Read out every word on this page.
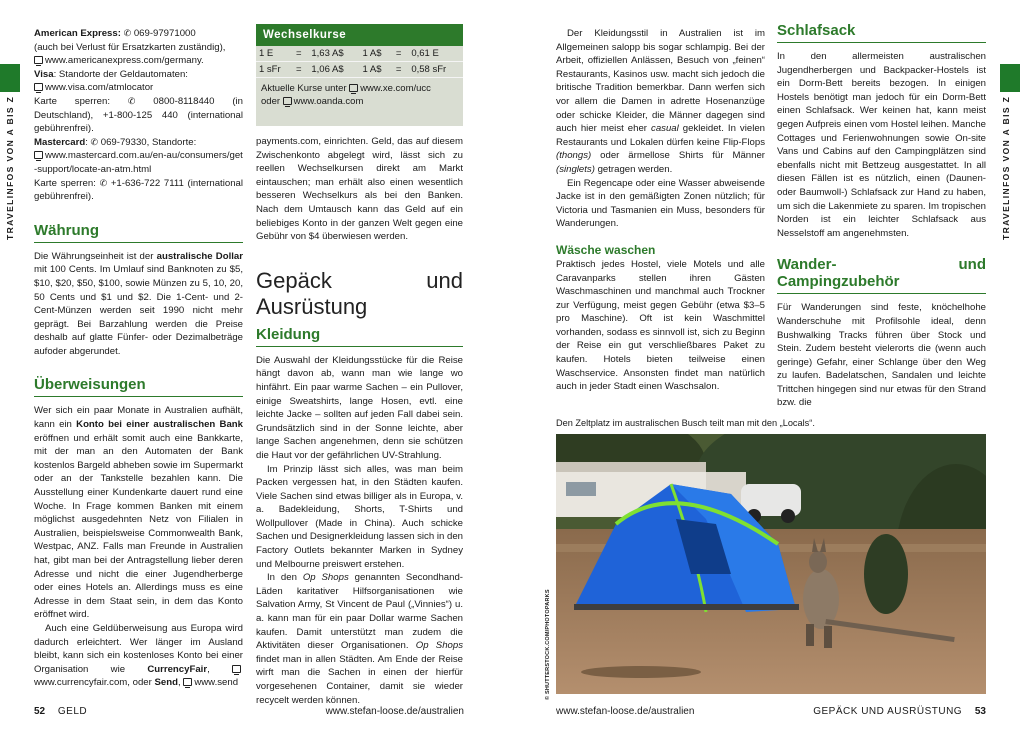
TRAVELINFOS VON A BIS Z	TRAVELINFOS VON A BIS Z

American Express: ✆ 069-97971000
(auch bei Verlust für Ersatzkarten zuständig),
www.americanexpress.com/germany.

Visa: Standorte der Geldautomaten:
www.visa.com/atmlocator
Karte sperren: ✆ 0800-8118440 (in Deutschland), +1-800-125 440 (international gebührenfrei).

Mastercard: ✆ 069-79330, Standorte:
www.mastercard.com.au/en-au/consumers/get-support/locate-an-atm.html
Karte sperren: ✆ +1-636-722 7111 (international gebührenfrei).

Währung

Die Währungseinheit ist der australische Dollar mit 100 Cents. Im Umlauf sind Banknoten zu $5, $10, $20, $50, $100, sowie Münzen zu 5, 10, 20, 50 Cents und $1 und $2. Die 1-Cent- und 2-Cent-Münzen werden seit 1990 nicht mehr geprägt. Bei Barzahlung werden die Preise deshalb auf glatte Fünfer- oder Dezimalbeträge aufoder abgerundet.

Überweisungen

Wer sich ein paar Monate in Australien aufhält, kann ein Konto bei einer australischen Bank eröffnen und erhält somit auch eine Bankkarte, mit der man an den Automaten der Bank kostenlos Bargeld abheben sowie im Supermarkt oder an der Tankstelle bezahlen kann. Die Ausstellung einer Kundenkarte dauert rund eine Woche. In Frage kommen Banken mit einem möglichst ausgedehnten Netz von Filialen in Australien, beispielsweise Commonwealth Bank, Westpac, ANZ. Falls man Freunde in Australien hat, gibt man bei der Antragstellung lieber deren Adresse und nicht die einer Jugendherberge oder eines Hotels an. Allerdings muss es eine Adresse in dem Staat sein, in dem das Konto eröffnet wird.

Auch eine Geldüberweisung aus Europa wird dadurch erleichtert. Wer länger im Ausland bleibt, kann sich ein kostenloses Konto bei einer Organisation wie CurrencyFair, www.currencyfair.com, oder Send, www.send

Wechselkurse
1 E	=	1,63 A$	1 A$	=	0,61 E
1 sFr	=	1,06 A$	1 A$	=	0,58 sFr
Aktuelle Kurse unter www.xe.com/ucc
oder www.oanda.com

payments.com, einrichten. Geld, das auf diesem Zwischenkonto abgelegt wird, lässt sich zu reellen Wechselkursen direkt am Markt eintauschen; man erhält also einen wesentlich besseren Wechselkurs als bei den Banken. Nach dem Umtausch kann das Geld auf ein beliebiges Konto in der ganzen Welt gegen eine Gebühr von $4 überwiesen werden.

Gepäck und Ausrüstung
Kleidung

Die Auswahl der Kleidungsstücke für die Reise hängt davon ab, wann man wie lange wo hinfährt. Ein paar warme Sachen – ein Pullover, einige Sweatshirts, lange Hosen, evtl. eine leichte Jacke – sollten auf jeden Fall dabei sein. Grundsätzlich sind in der Sonne leichte, aber lange Sachen angenehmen, denn sie schützen die Haut vor der gefährlichen UV-Strahlung.

Im Prinzip lässt sich alles, was man beim Packen vergessen hat, in den Städten kaufen. Viele Sachen sind etwas billiger als in Europa, v. a. Badekleidung, Shorts, T-Shirts und Wollpullover (Made in China). Auch schicke Sachen und Designerkleidung lassen sich in den Factory Outlets bekannter Marken in Sydney und Melbourne preiswert erstehen.

In den Op Shops genannten Secondhand-Läden karitativer Hilfsorganisationen wie Salvation Army, St Vincent de Paul („Vinnies“) u. a. kann man für ein paar Dollar warme Sachen kaufen. Damit unterstützt man zudem die Aktivitäten dieser Organisationen. Op Shops findet man in allen Städten. Am Ende der Reise wirft man die Sachen in einen der hierfür vorgesehenen Container, damit sie wieder recycelt werden können.

52 GELD	www.stefan-loose.de/australien

Der Kleidungsstil in Australien ist im Allgemeinen salopp bis sogar schlampig. Bei der Arbeit, offiziellen Anlässen, Besuch von „feinen“ Restaurants, Kasinos usw. macht sich jedoch die britische Tradition bemerkbar. Dann werfen sich vor allem die Damen in adrette Hosenanzüge oder schicke Kleider, die Männer dagegen sind auch hier meist eher casual gekleidet. In vielen Restaurants und Lokalen dürfen keine Flip-Flops (thongs) oder ärmellose Shirts für Männer (singlets) getragen werden.

Ein Regencape oder eine Wasser abweisende Jacke ist in den gemäßigten Zonen nützlich; für Victoria und Tasmanien ein Muss, besonders für Wanderungen.

Wäsche waschen

Praktisch jedes Hostel, viele Motels und alle Caravanparks stellen ihren Gästen Waschmaschinen und manchmal auch Trockner zur Verfügung, meist gegen Gebühr (etwa $3–5 pro Maschine). Oft ist kein Waschmittel vorhanden, sodass es sinnvoll ist, sich zu Beginn der Reise ein gut verschließbares Paket zu kaufen. Hotels bieten teilweise einen Waschservice. Ansonsten findet man natürlich auch in jeder Stadt einen Waschsalon.

Schlafsack

In den allermeisten australischen Jugendherbergen und Backpacker-Hostels ist ein Dorm-Bett bereits bezogen. In einigen Hostels benötigt man jedoch für ein Dorm-Bett einen Schlafsack. Wer keinen hat, kann meist gegen Aufpreis einen vom Hostel leihen. Manche Cottages und Ferienwohnungen sowie On-site Vans und Cabins auf den Campingplätzen sind ebenfalls nicht mit Bettzeug ausgestattet. In all diesen Fällen ist es nützlich, einen (Daunen- oder Baumwoll-) Schlafsack zur Hand zu haben, um sich die Lakenmiete zu sparen. Im tropischen Norden ist ein leichter Schlafsack aus Nesselstoff am angenehmsten.

Wander- und Campingzubehör

Für Wanderungen sind feste, knöchelhohe Wanderschuhe mit Profilsohle ideal, denn Bushwalking Tracks führen über Stock und Stein. Zudem besteht vielerorts die (wenn auch geringe) Gefahr, einer Schlange über den Weg zu laufen. Badelatschen, Sandalen und leichte Trittchen hingegen sind nur etwas für den Strand bzw. die

Den Zeltplatz im australischen Busch teilt man mit den „Locals“.
© SHUTTERSTOCK.COM/PHOTOPARKS
www.stefan-loose.de/australien	GEPÄCK UND AUSRÜSTUNG 53
